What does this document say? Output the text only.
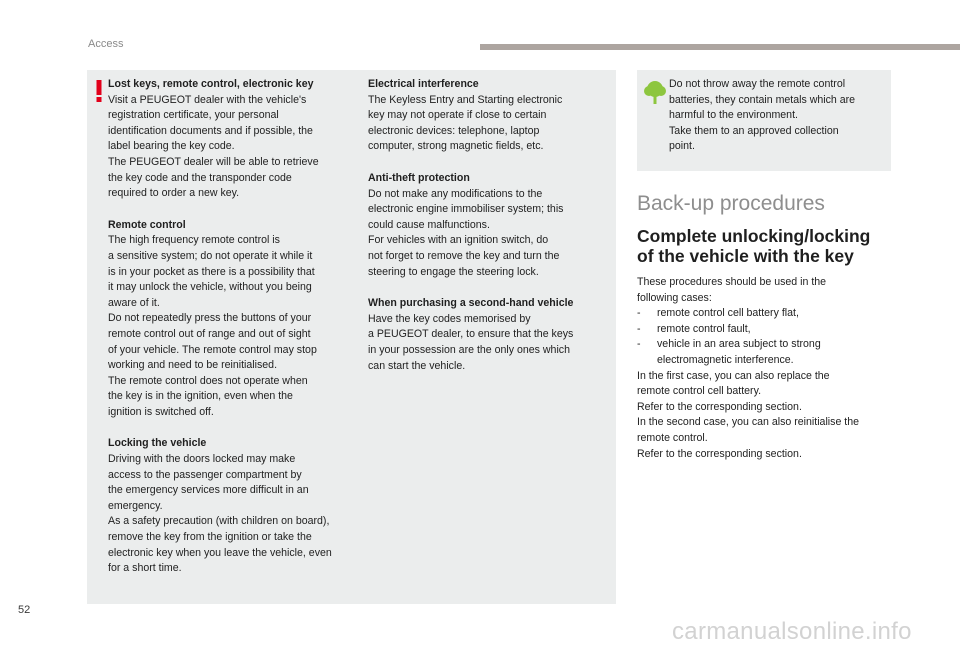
Access
Lost keys, remote control, electronic key
Visit a PEUGEOT dealer with the vehicle's
registration certificate, your personal
identification documents and if possible, the
label bearing the key code.
The PEUGEOT dealer will be able to retrieve
the key code and the transponder code
required to order a new key.
Remote control
The high frequency remote control is
a sensitive system; do not operate it while it
is in your pocket as there is a possibility that
it may unlock the vehicle, without you being
aware of it.
Do not repeatedly press the buttons of your
remote control out of range and out of sight
of your vehicle. The remote control may stop
working and need to be reinitialised.
The remote control does not operate when
the key is in the ignition, even when the
ignition is switched off.
Locking the vehicle
Driving with the doors locked may make
access to the passenger compartment by
the emergency services more difficult in an
emergency.
As a safety precaution (with children on board),
remove the key from the ignition or take the
electronic key when you leave the vehicle, even
for a short time.
Electrical interference
The Keyless Entry and Starting electronic
key may not operate if close to certain
electronic devices: telephone, laptop
computer, strong magnetic fields, etc.
Anti-theft protection
Do not make any modifications to the
electronic engine immobiliser system; this
could cause malfunctions.
For vehicles with an ignition switch, do
not forget to remove the key and turn the
steering to engage the steering lock.
When purchasing a second-hand vehicle
Have the key codes memorised by
a PEUGEOT dealer, to ensure that the keys
in your possession are the only ones which
can start the vehicle.
Do not throw away the remote control
batteries, they contain metals which are
harmful to the environment.
Take them to an approved collection
point.
Back-up procedures
Complete unlocking/locking
of the vehicle with the key
These procedures should be used in the
following cases:
- remote control cell battery flat,
- remote control fault,
- vehicle in an area subject to strong electromagnetic interference.
In the first case, you can also replace the
remote control cell battery.
Refer to the corresponding section.
In the second case, you can also reinitialise the
remote control.
Refer to the corresponding section.
52
carmanualsonline.info
